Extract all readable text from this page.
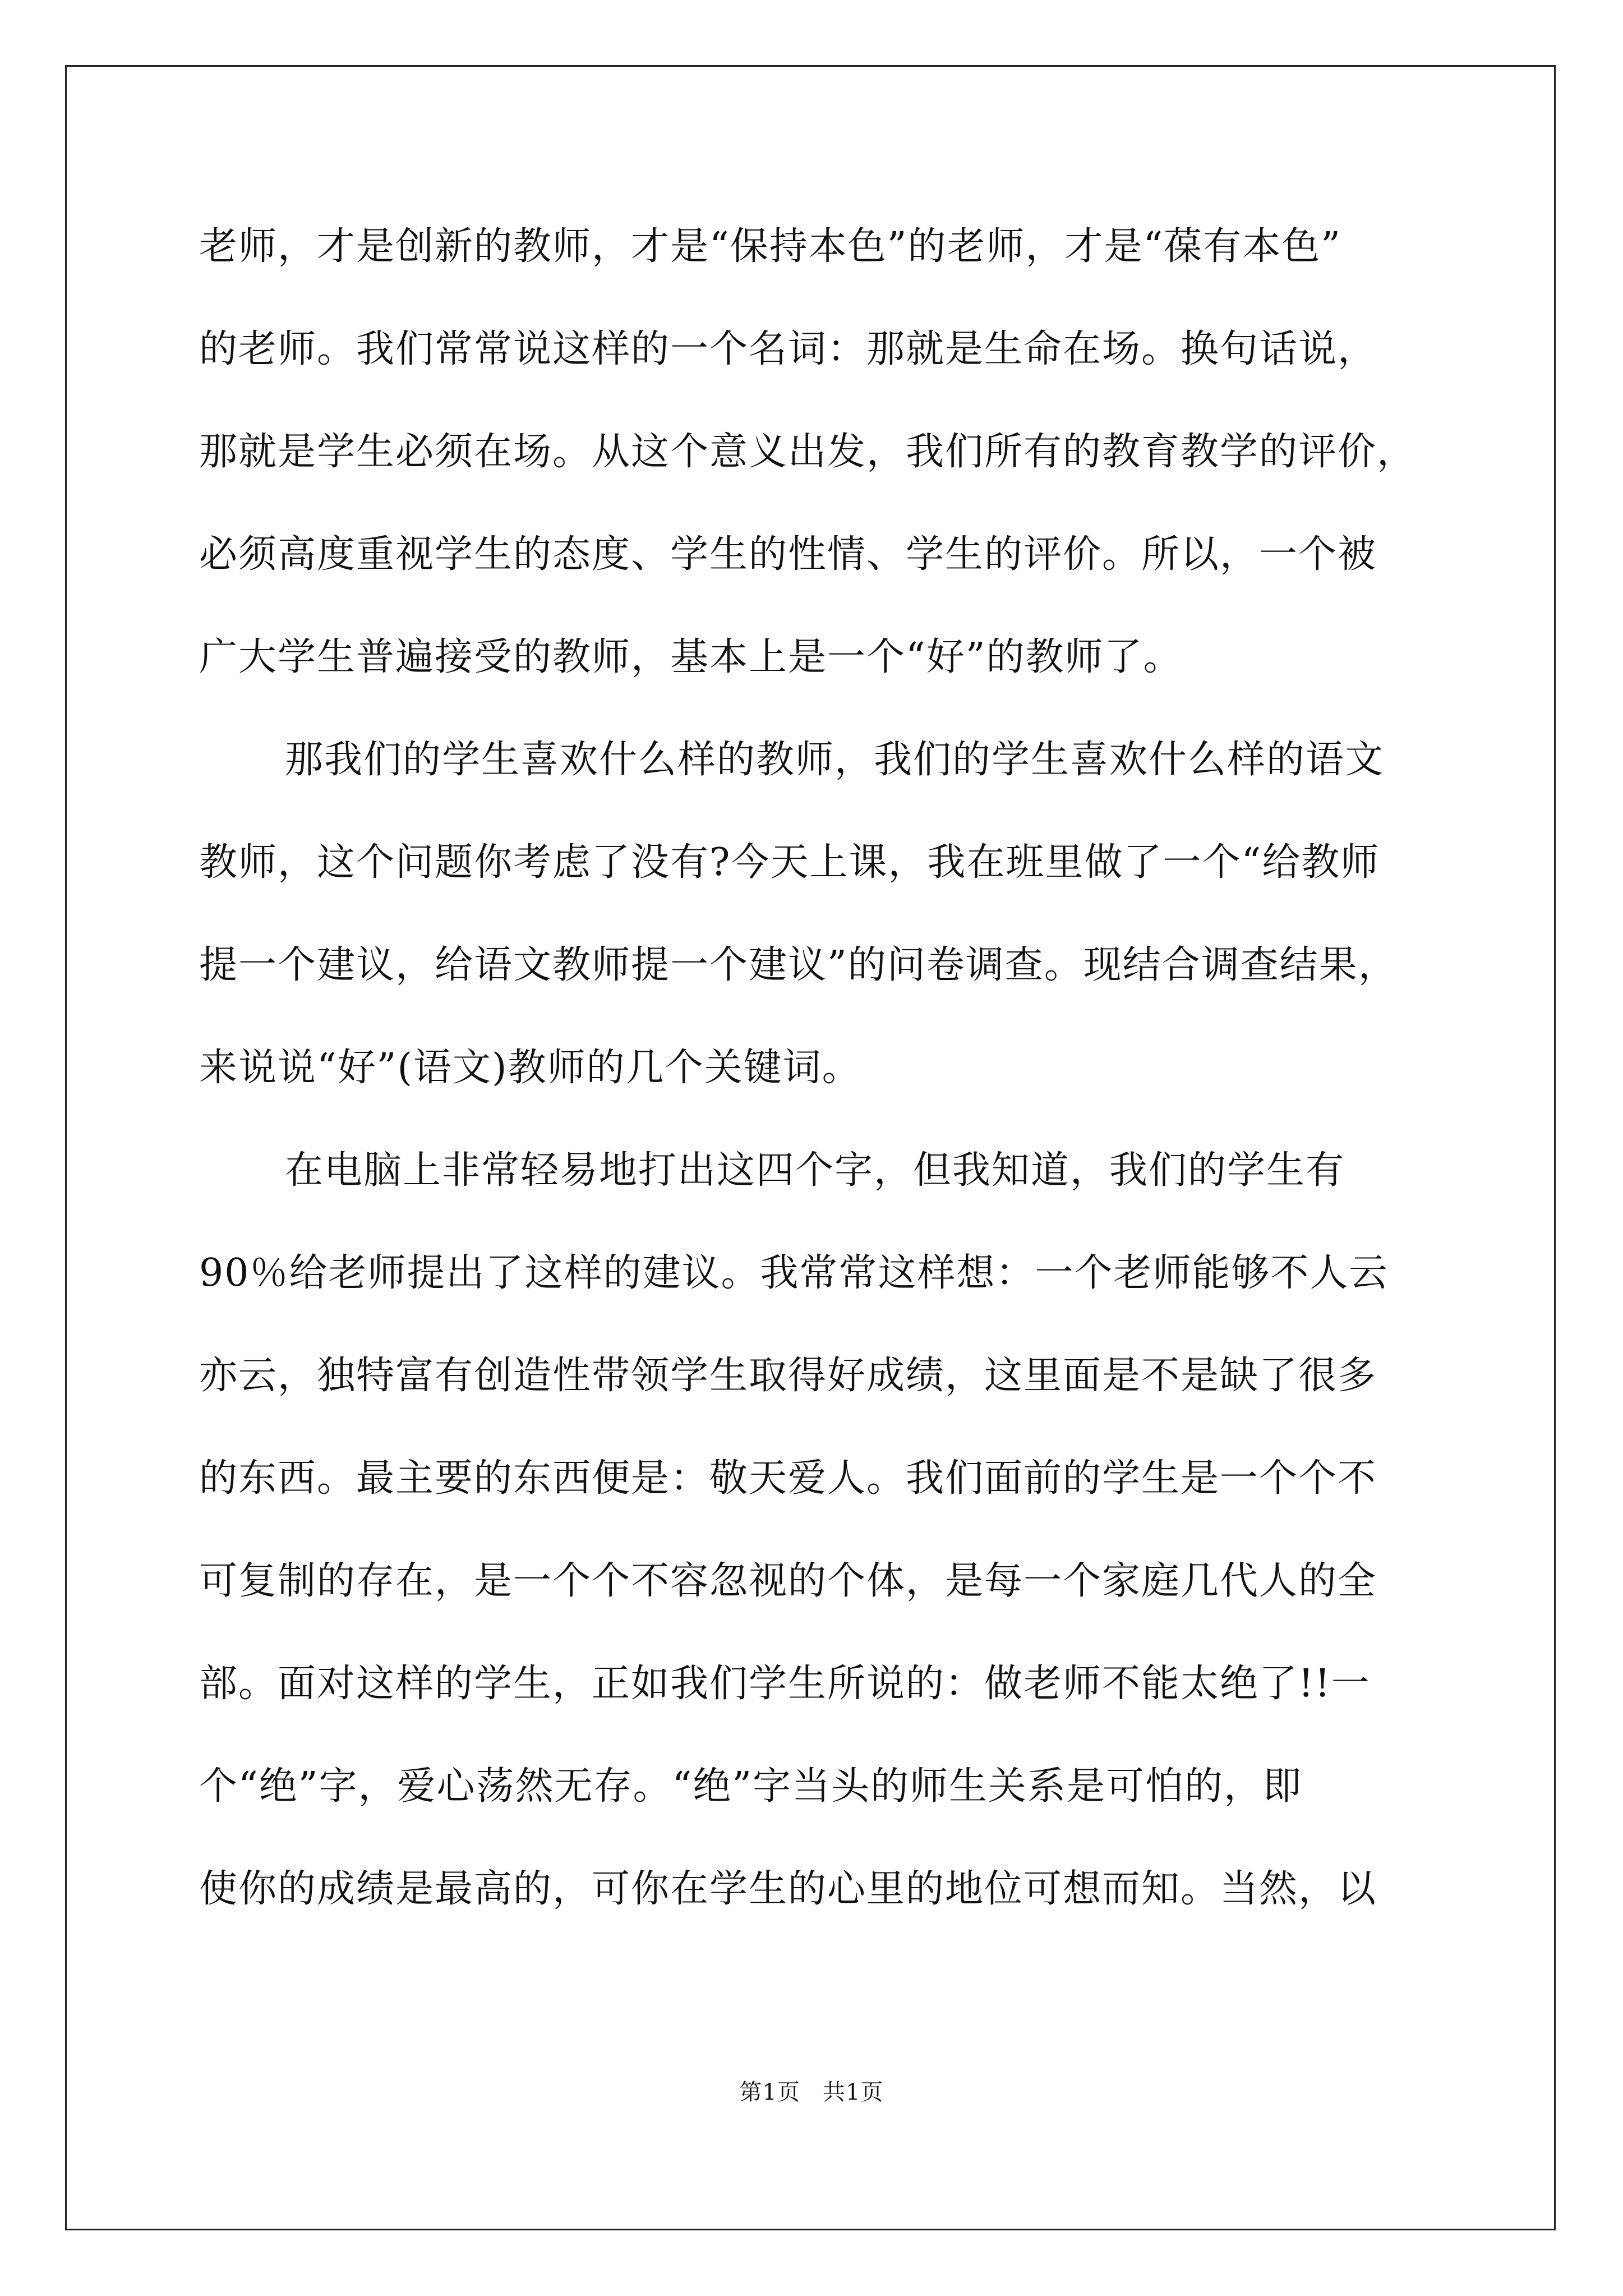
老师，才是创新的教师，才是“保持本色”的老师，才是“葆有本色”
的老师。我们常常说这样的一个名词：那就是生命在场。换句话说，
那就是学生必须在场。从这个意义出发，我们所有的教育教学的评价，
必须高度重视学生的态度、学生的性情、学生的评价。所以，一个被
广大学生普遍接受的教师，基本上是一个“好”的教师了。
那我们的学生喜欢什么样的教师，我们的学生喜欢什么样的语文
教师，这个问题你考虑了没有?今天上课，我在班里做了一个“给教师
提一个建议，给语文教师提一个建议”的问卷调查。现结合调查结果，
来说说“好”(语文)教师的几个关键词。
在电脑上非常轻易地打出这四个字，但我知道，我们的学生有
90％给老师提出了这样的建议。我常常这样想：一个老师能够不人云
亦云，独特富有创造性带领学生取得好成绩，这里面是不是缺了很多
的东西。最主要的东西便是：敬天爱人。我们面前的学生是一个个不
可复制的存在，是一个个不容忽视的个体，是每一个家庭几代人的全
部。面对这样的学生，正如我们学生所说的：做老师不能太绝了!!一
个“绝”字，爱心荡然无存。“绝”字当头的师生关系是可怕的，即
使你的成绩是最高的，可你在学生的心里的地位可想而知。当然，以
第1页 共1页
